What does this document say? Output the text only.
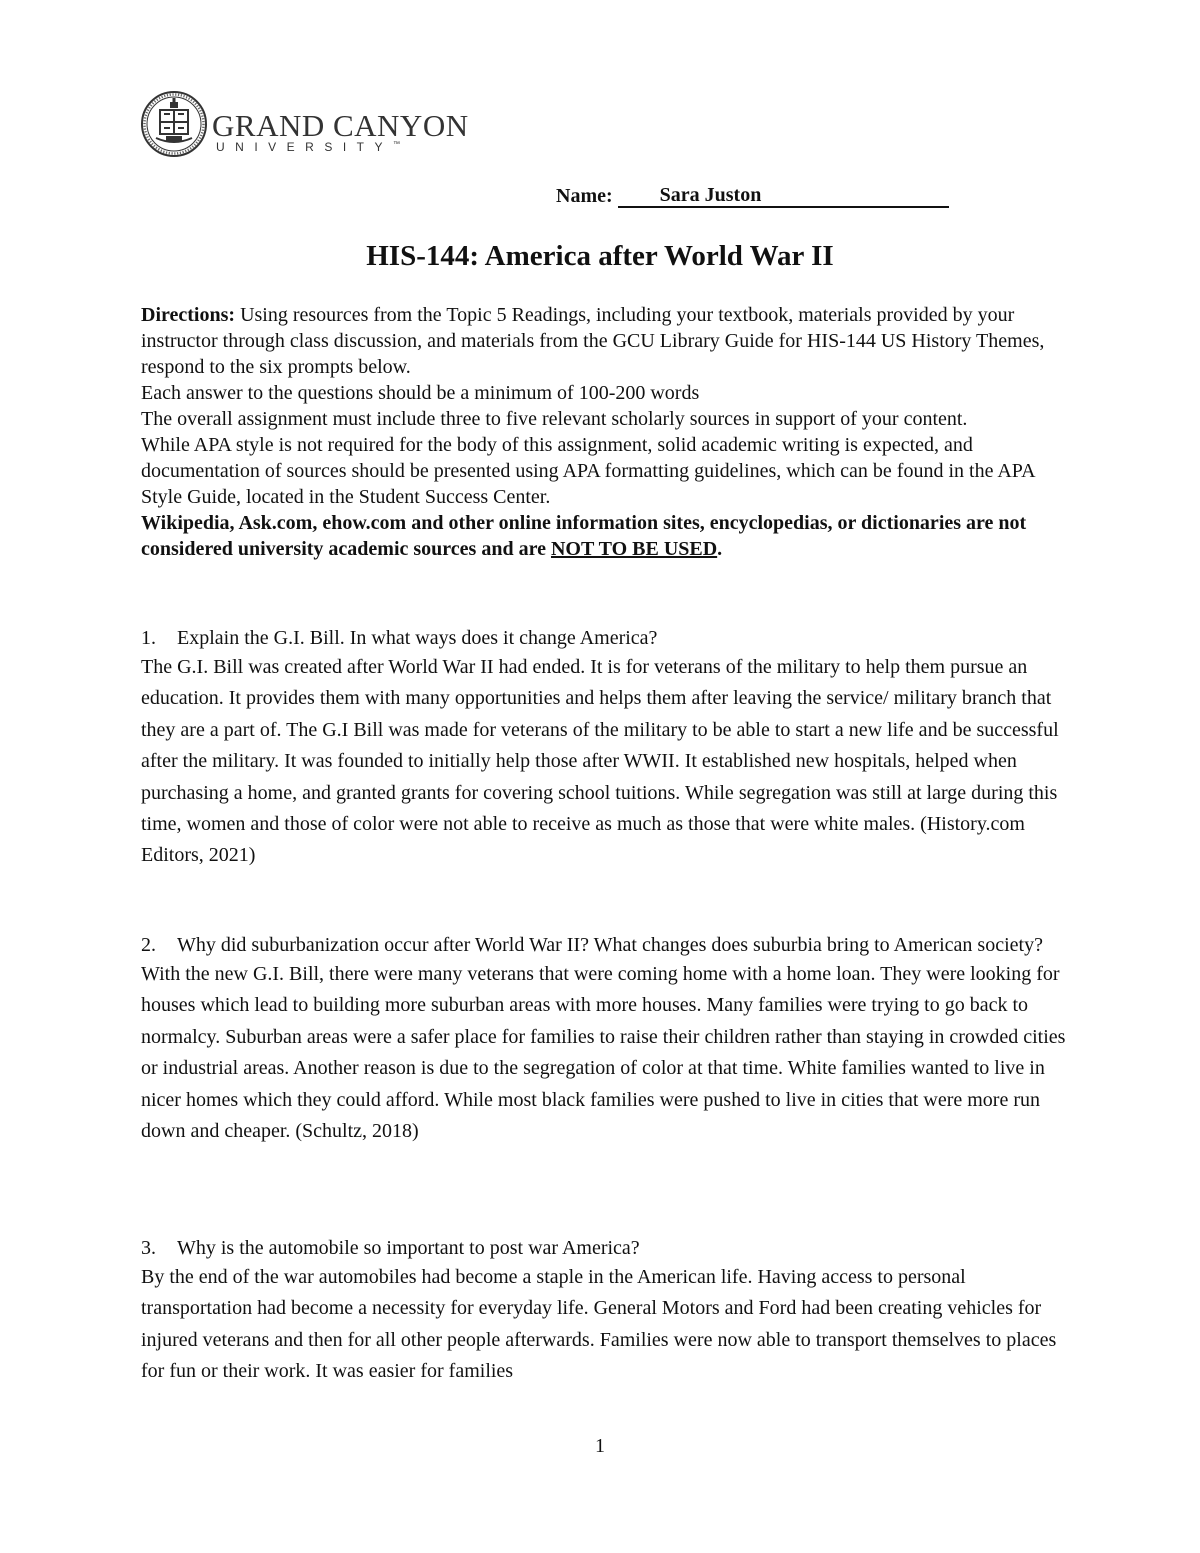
GRAND CANYON
UNIVERSITY™
Name: Sara Juston
HIS-144: America after World War II

Directions: Using resources from the Topic 5 Readings, including your textbook, materials provided by your instructor through class discussion, and materials from the GCU Library Guide for HIS-144 US History Themes, respond to the six prompts below.

Each answer to the questions should be a minimum of 100-200 words

The overall assignment must include three to five relevant scholarly sources in support of your content.

While APA style is not required for the body of this assignment, solid academic writing is expected, and documentation of sources should be presented using APA formatting guidelines, which can be found in the APA Style Guide, located in the Student Success Center.

Wikipedia, Ask.com, ehow.com and other online information sites, encyclopedias, or dictionaries are not considered university academic sources and are NOT TO BE USED.

1.	Explain the G.I. Bill. In what ways does it change America?
The G.I. Bill was created after World War II had ended. It is for veterans of the military to help them pursue an education. It provides them with many opportunities and helps them after leaving the service/ military branch that they are a part of. The G.I Bill was made for veterans of the military to be able to start a new life and be successful after the military. It was founded to initially help those after WWII. It established new hospitals, helped when purchasing a home, and granted grants for covering school tuitions. While segregation was still at large during this time, women and those of color were not able to receive as much as those that were white males. (History.com Editors, 2021)
2.	Why did suburbanization occur after World War II? What changes does suburbia bring to American society?
With the new G.I. Bill, there were many veterans that were coming home with a home loan. They were looking for houses which lead to building more suburban areas with more houses. Many families were trying to go back to normalcy. Suburban areas were a safer place for families to raise their children rather than staying in crowded cities or industrial areas. Another reason is due to the segregation of color at that time. White families wanted to live in nicer homes which they could afford. While most black families were pushed to live in cities that were more run down and cheaper. (Schultz, 2018)
3.	Why is the automobile so important to post war America?
By the end of the war automobiles had become a staple in the American life. Having access to personal transportation had become a necessity for everyday life. General Motors and Ford had been creating vehicles for injured veterans and then for all other people afterwards. Families were now able to transport themselves to places for fun or their work. It was easier for families
1
